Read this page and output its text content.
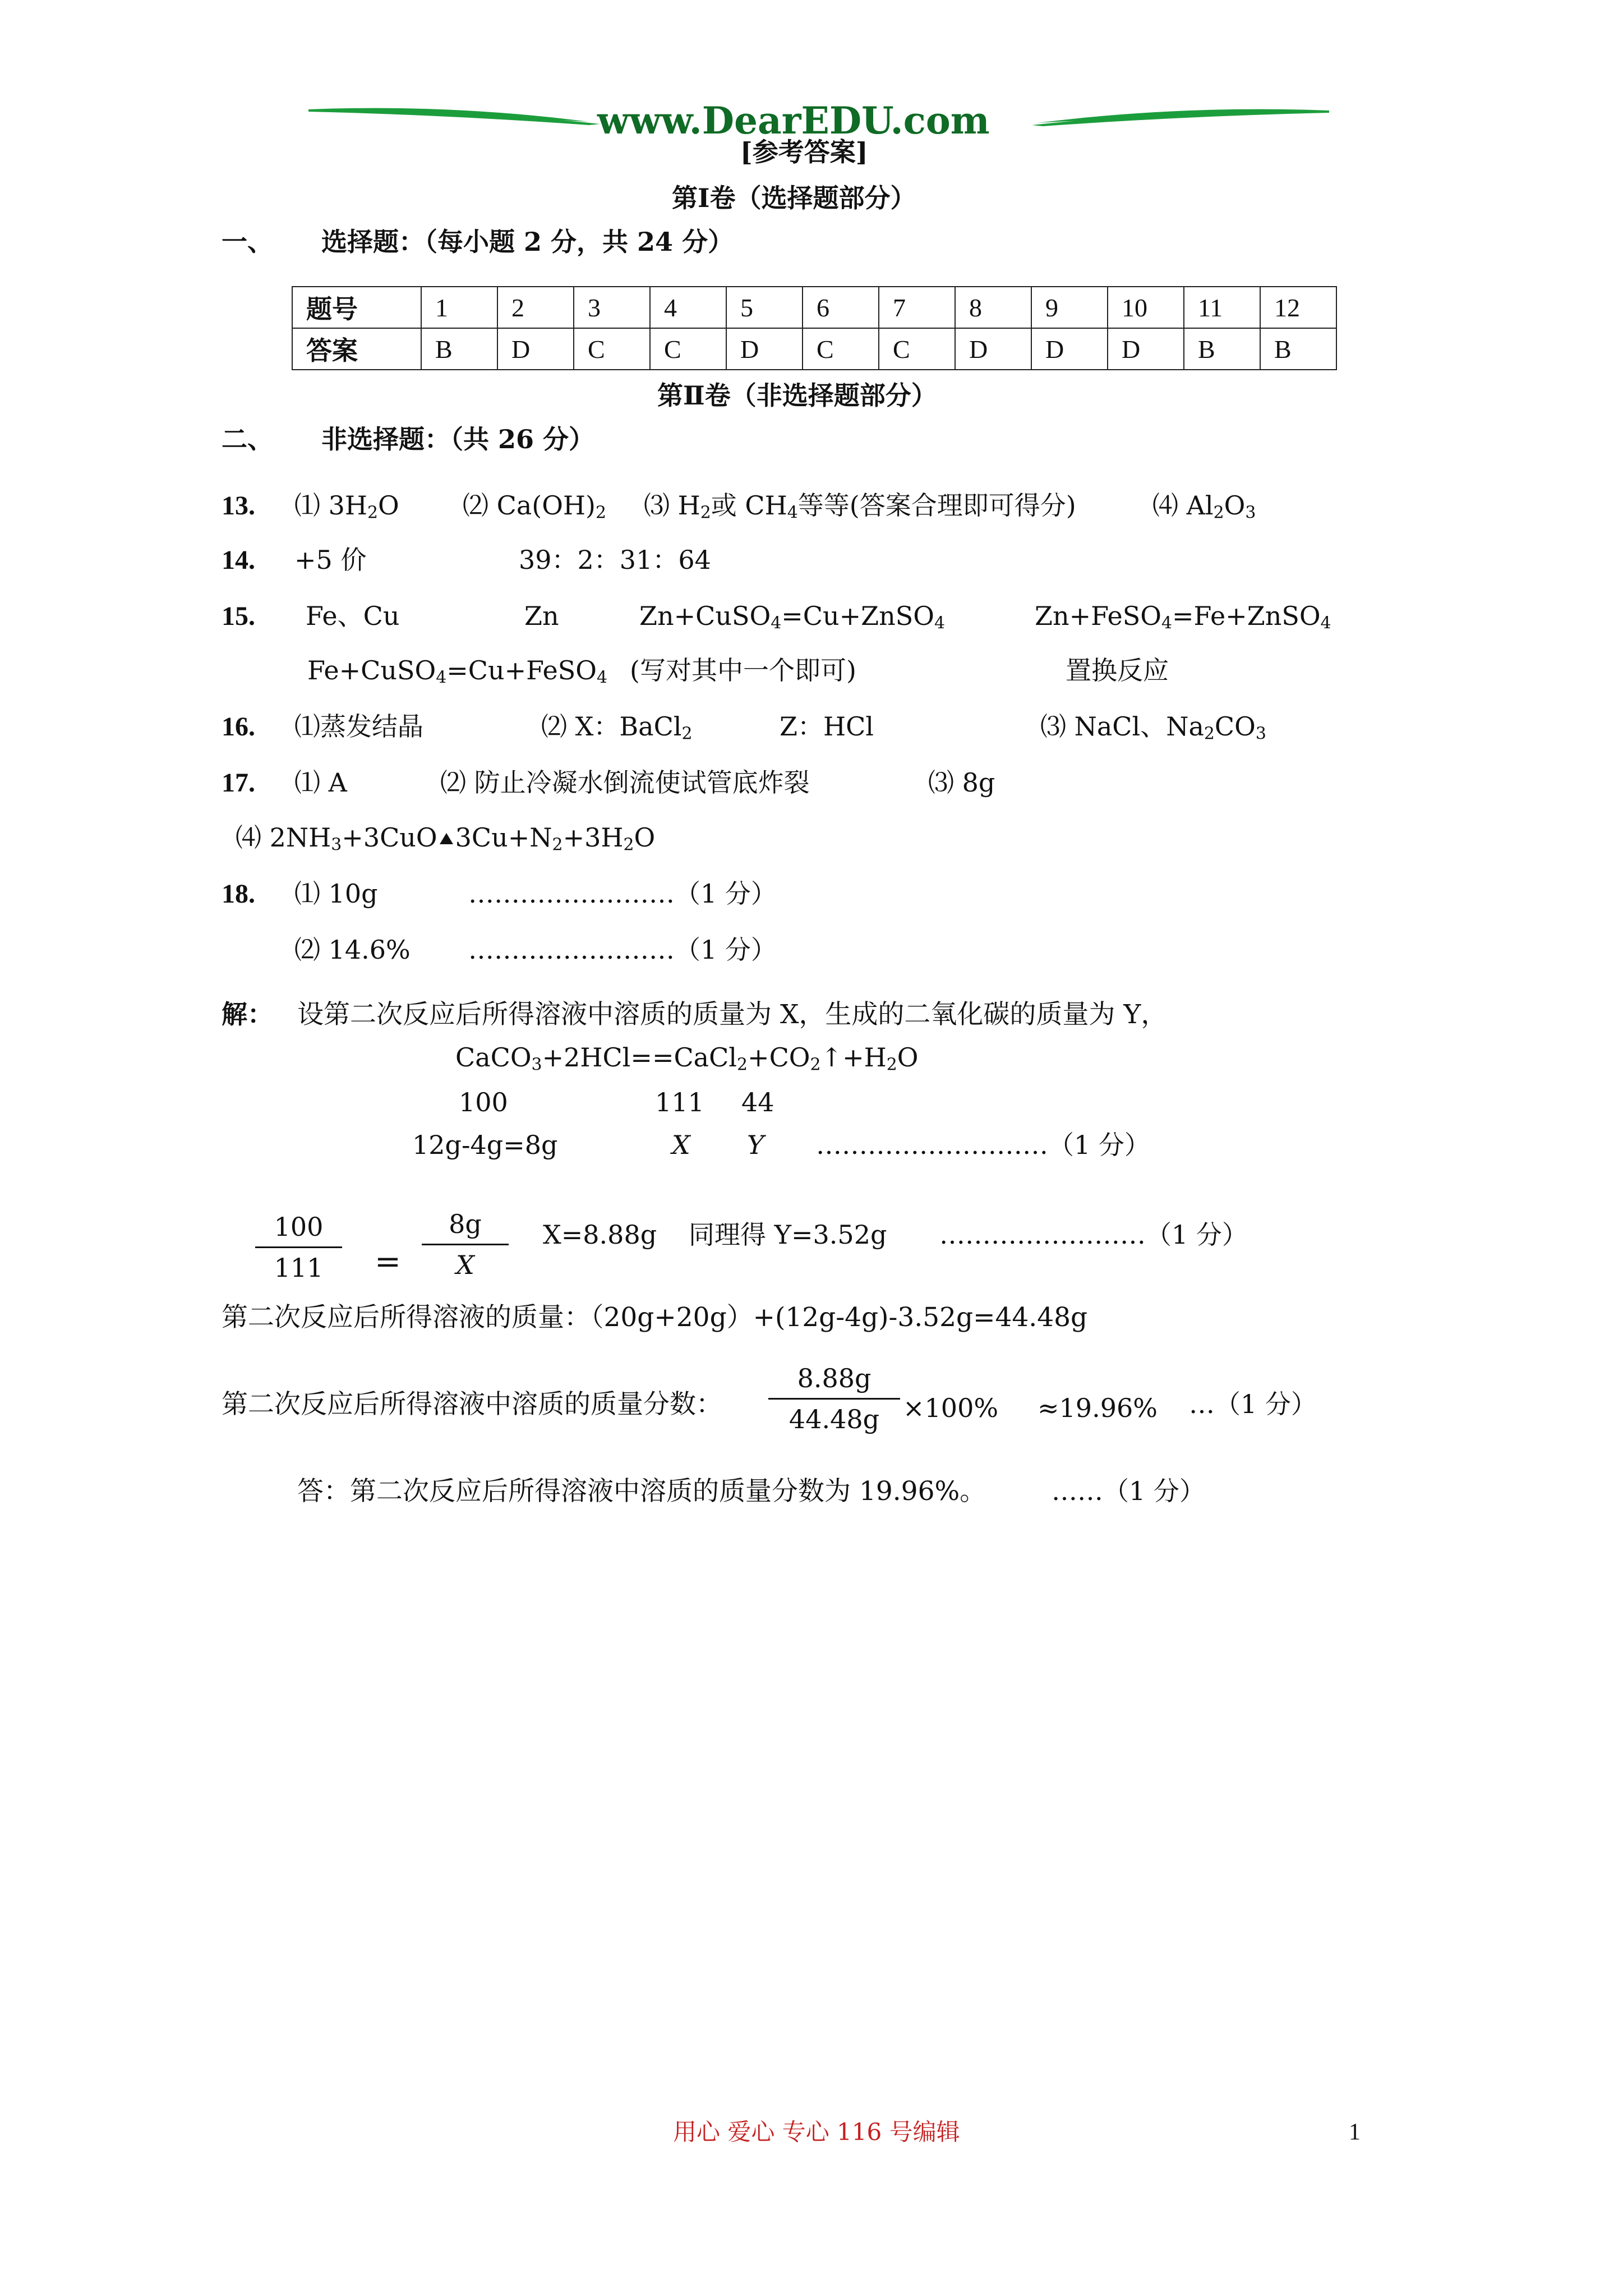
www.DearEDU.com
[参考答案]
第Ⅰ卷（选择题部分）
一、 选择题：（每小题 2 分，共 24 分）
题号	1	2	3	4	5	6	7	8	9	10	11	12
答案	B	D	C	C	D	C	C	D	D	D	B	B
第Ⅱ卷（非选择题部分）
二、 非选择题：（共 26 分）
13. ⑴ $3H_2O$ ⑵ $Ca(OH)_2$ ⑶ $H_2$或 $CH_4$等等(答案合理即可得分)	⑷ $Al_2O_3$
14. +5 价	39：2：31：64
15. Fe、Cu	Zn	Zn+CuSO$_4$=Cu+ZnSO$_4$	Zn+FeSO$_4$=Fe+ZnSO$_4$
Fe+CuSO$_4$=Cu+FeSO$_4$ (写对其中一个即可)	置换反应
16. ⑴蒸发结晶	⑵ X：BaCl$_2$	Z：HCl	⑶ NaCl、$Na_2CO_3$
17. ⑴ A	⑵ 防止冷凝水倒流使试管底炸裂	⑶ 8g
⑷ $2NH_3+3CuO$ $3Cu+N_2+3H_2O$
18. ⑴ 10g	……………………（1 分）
⑵ 14.6% ……………………（1 分）
解： 设第二次反应后所得溶液中溶质的质量为 X，生成的二氧化碳的质量为 Y，
$CaCO_3+2HCl==CaCl_2+CO_2↑+H_2O$
100	111 44
12g-4g=8g	X Y ………………………（1 分）
100
111	=
8g
X
X=8.88g 同理得 Y=3.52g ……………………（1 分）
第二次反应后所得溶液的质量：（20g+20g）+(12g-4g)-3.52g=44.48g
第二次反应后所得溶液中溶质的质量分数：
8.88g
44.48g ×100% ≈19.96% …（1 分）
答：第二次反应后所得溶液中溶质的质量分数为 19.96%。	……（1 分）
用心 爱心 专心 116 号编辑	1
